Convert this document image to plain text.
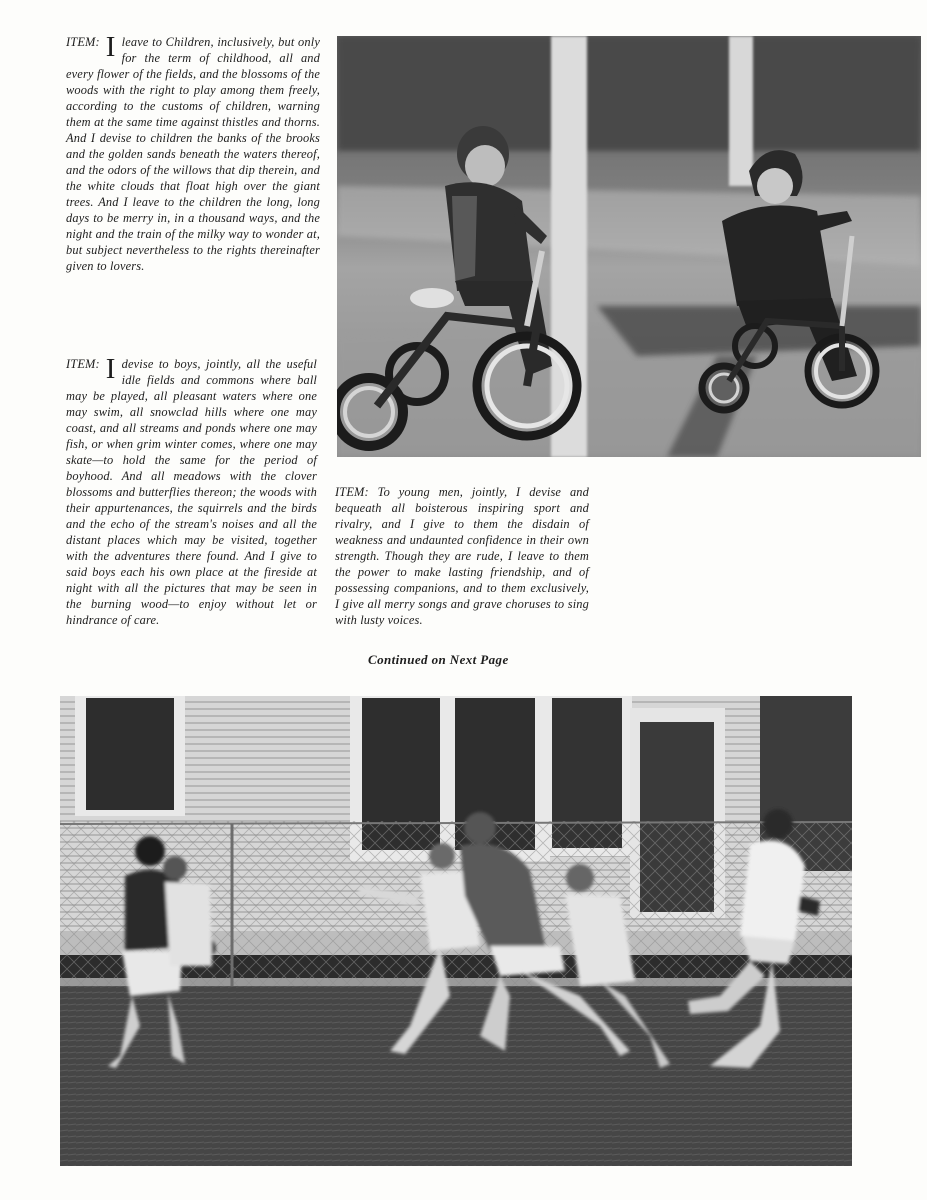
ITEM: I leave to Children, inclusively, but only for the term of childhood, all and every flower of the fields, and the blossoms of the woods with the right to play among them freely, according to the customs of children, warning them at the same time against thistles and thorns. And I devise to children the banks of the brooks and the golden sands beneath the waters thereof, and the odors of the willows that dip therein, and the white clouds that float high over the giant trees. And I leave to the children the long, long days to be merry in, in a thousand ways, and the night and the train of the milky way to wonder at, but subject nevertheless to the rights thereinafter given to lovers.

ITEM: I devise to boys, jointly, all the useful idle fields and commons where ball may be played, all pleasant waters where one may swim, all snowclad hills where one may coast, and all streams and ponds where one may fish, or when grim winter comes, where one may skate—to hold the same for the period of boyhood. And all meadows with the clover blossoms and butterflies thereon; the woods with their appurtenances, the squirrels and the birds and the echo of the stream's noises and all the distant places which may be visited, together with the adventures there found. And I give to said boys each his own place at the fireside at night with all the pictures that may be seen in the burning wood—to enjoy without let or hindrance of care.

ITEM: To young men, jointly, I devise and bequeath all boisterous inspiring sport and rivalry, and I give to them the disdain of weakness and undaunted confidence in their own strength. Though they are rude, I leave to them the power to make lasting friendship, and of possessing companions, and to them exclusively, I give all merry songs and grave choruses to sing with lusty voices.

Continued on Next Page
